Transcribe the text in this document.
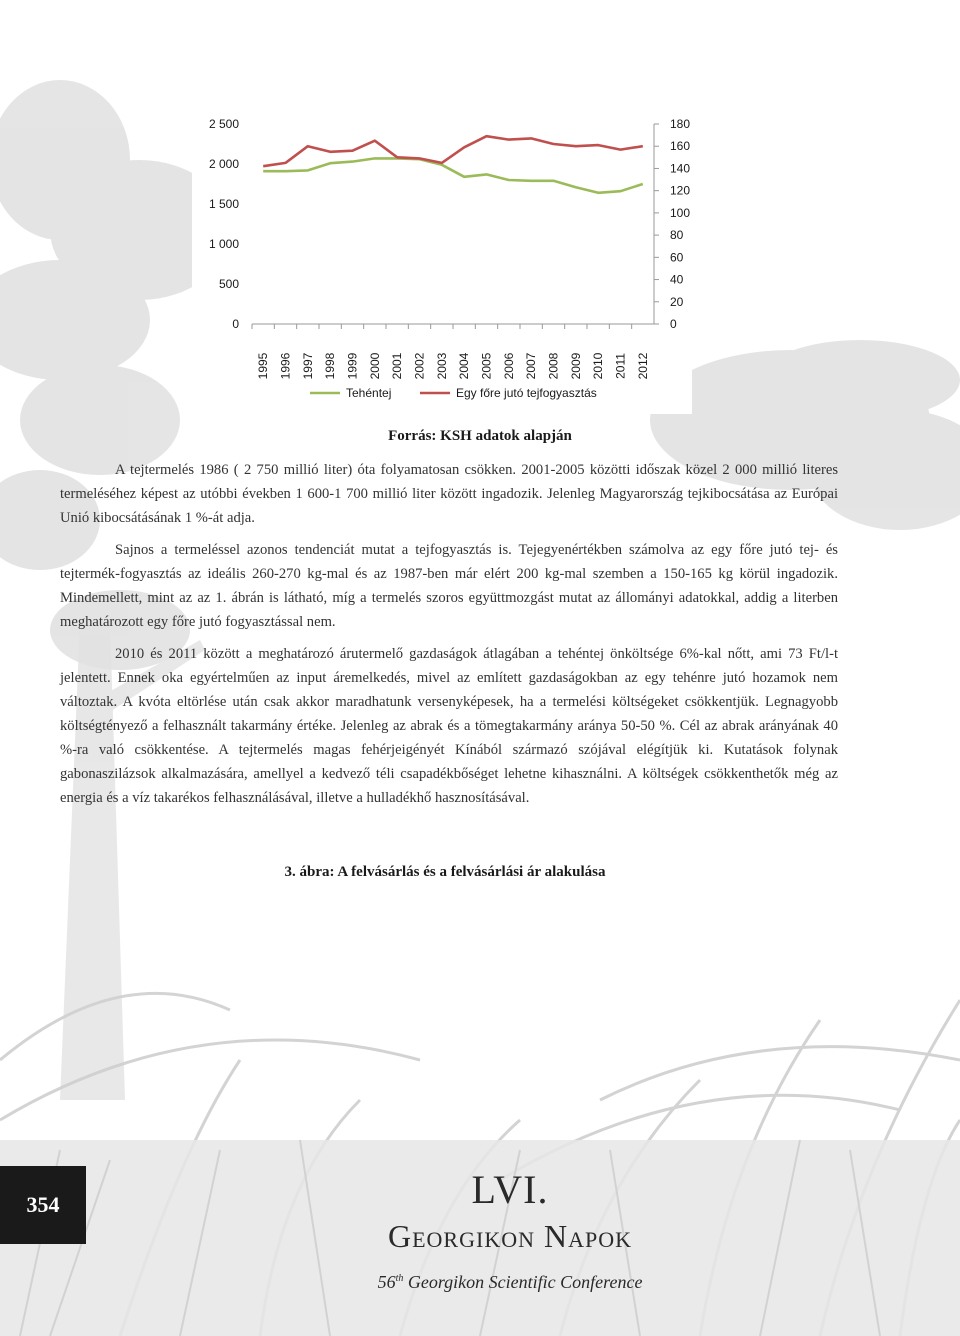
2 500
2 000
1 500
1 000
500
0
180
160
140
120
100
80
60
40
20
0
1995 1996 1997 1998 1999 2000 2001 2002 2003 2004 2005 2006 2007 2008 2009 2010 2011 2012
Tehéntej	Egy főre jutó tejfogyasztás
Forrás: KSH adatok alapján

A tejtermelés 1986 ( 2 750 millió liter) óta folyamatosan csökken. 2001-2005 közötti időszak közel 2 000 millió literes termeléséhez képest az utóbbi években 1 600-1 700 millió liter között ingadozik. Jelenleg Magyarország tejkibocsátása az Európai Unió kibocsátásának 1 %-át adja.

Sajnos a termeléssel azonos tendenciát mutat a tejfogyasztás is. Tejegyenértékben számolva az egy főre jutó tej- és tejtermék-fogyasztás az ideális 260-270 kg-mal és az 1987-ben már elért 200 kg-mal szemben a 150-165 kg körül ingadozik. Mindemellett, mint az az 1. ábrán is látható, míg a termelés szoros együttmozgást mutat az állományi adatokkal, addig a literben meghatározott egy főre jutó fogyasztással nem.

2010 és 2011 között a meghatározó árutermelő gazdaságok átlagában a tehéntej önköltsége 6%-kal nőtt, ami 73 Ft/l-t jelentett. Ennek oka egyértelműen az input áremelkedés, mivel az említett gazdaságokban az egy tehénre jutó hozamok nem változtak. A kvóta eltörlése után csak akkor maradhatunk versenyképesek, ha a termelési költségeket csökkentjük. Legnagyobb költségtényező a felhasznált takarmány értéke. Jelenleg az abrak és a tömegtakarmány aránya 50-50 %. Cél az abrak arányának 40 %-ra való csökkentése. A tejtermelés magas fehérjeigényét Kínából származó szójával elégítjük ki. Kutatások folynak gabonaszilázsok alkalmazására, amellyel a kedvező téli csapadékbőséget lehetne kihasználni. A költségek csökkenthetők még az energia és a víz takarékos felhasználásával, illetve a hulladékhő hasznosításával.

3. ábra: A felvásárlás és a felvásárlási ár alakulása
354	LVI.
Georgikon Napok
56th Georgikon Scientific Conference
